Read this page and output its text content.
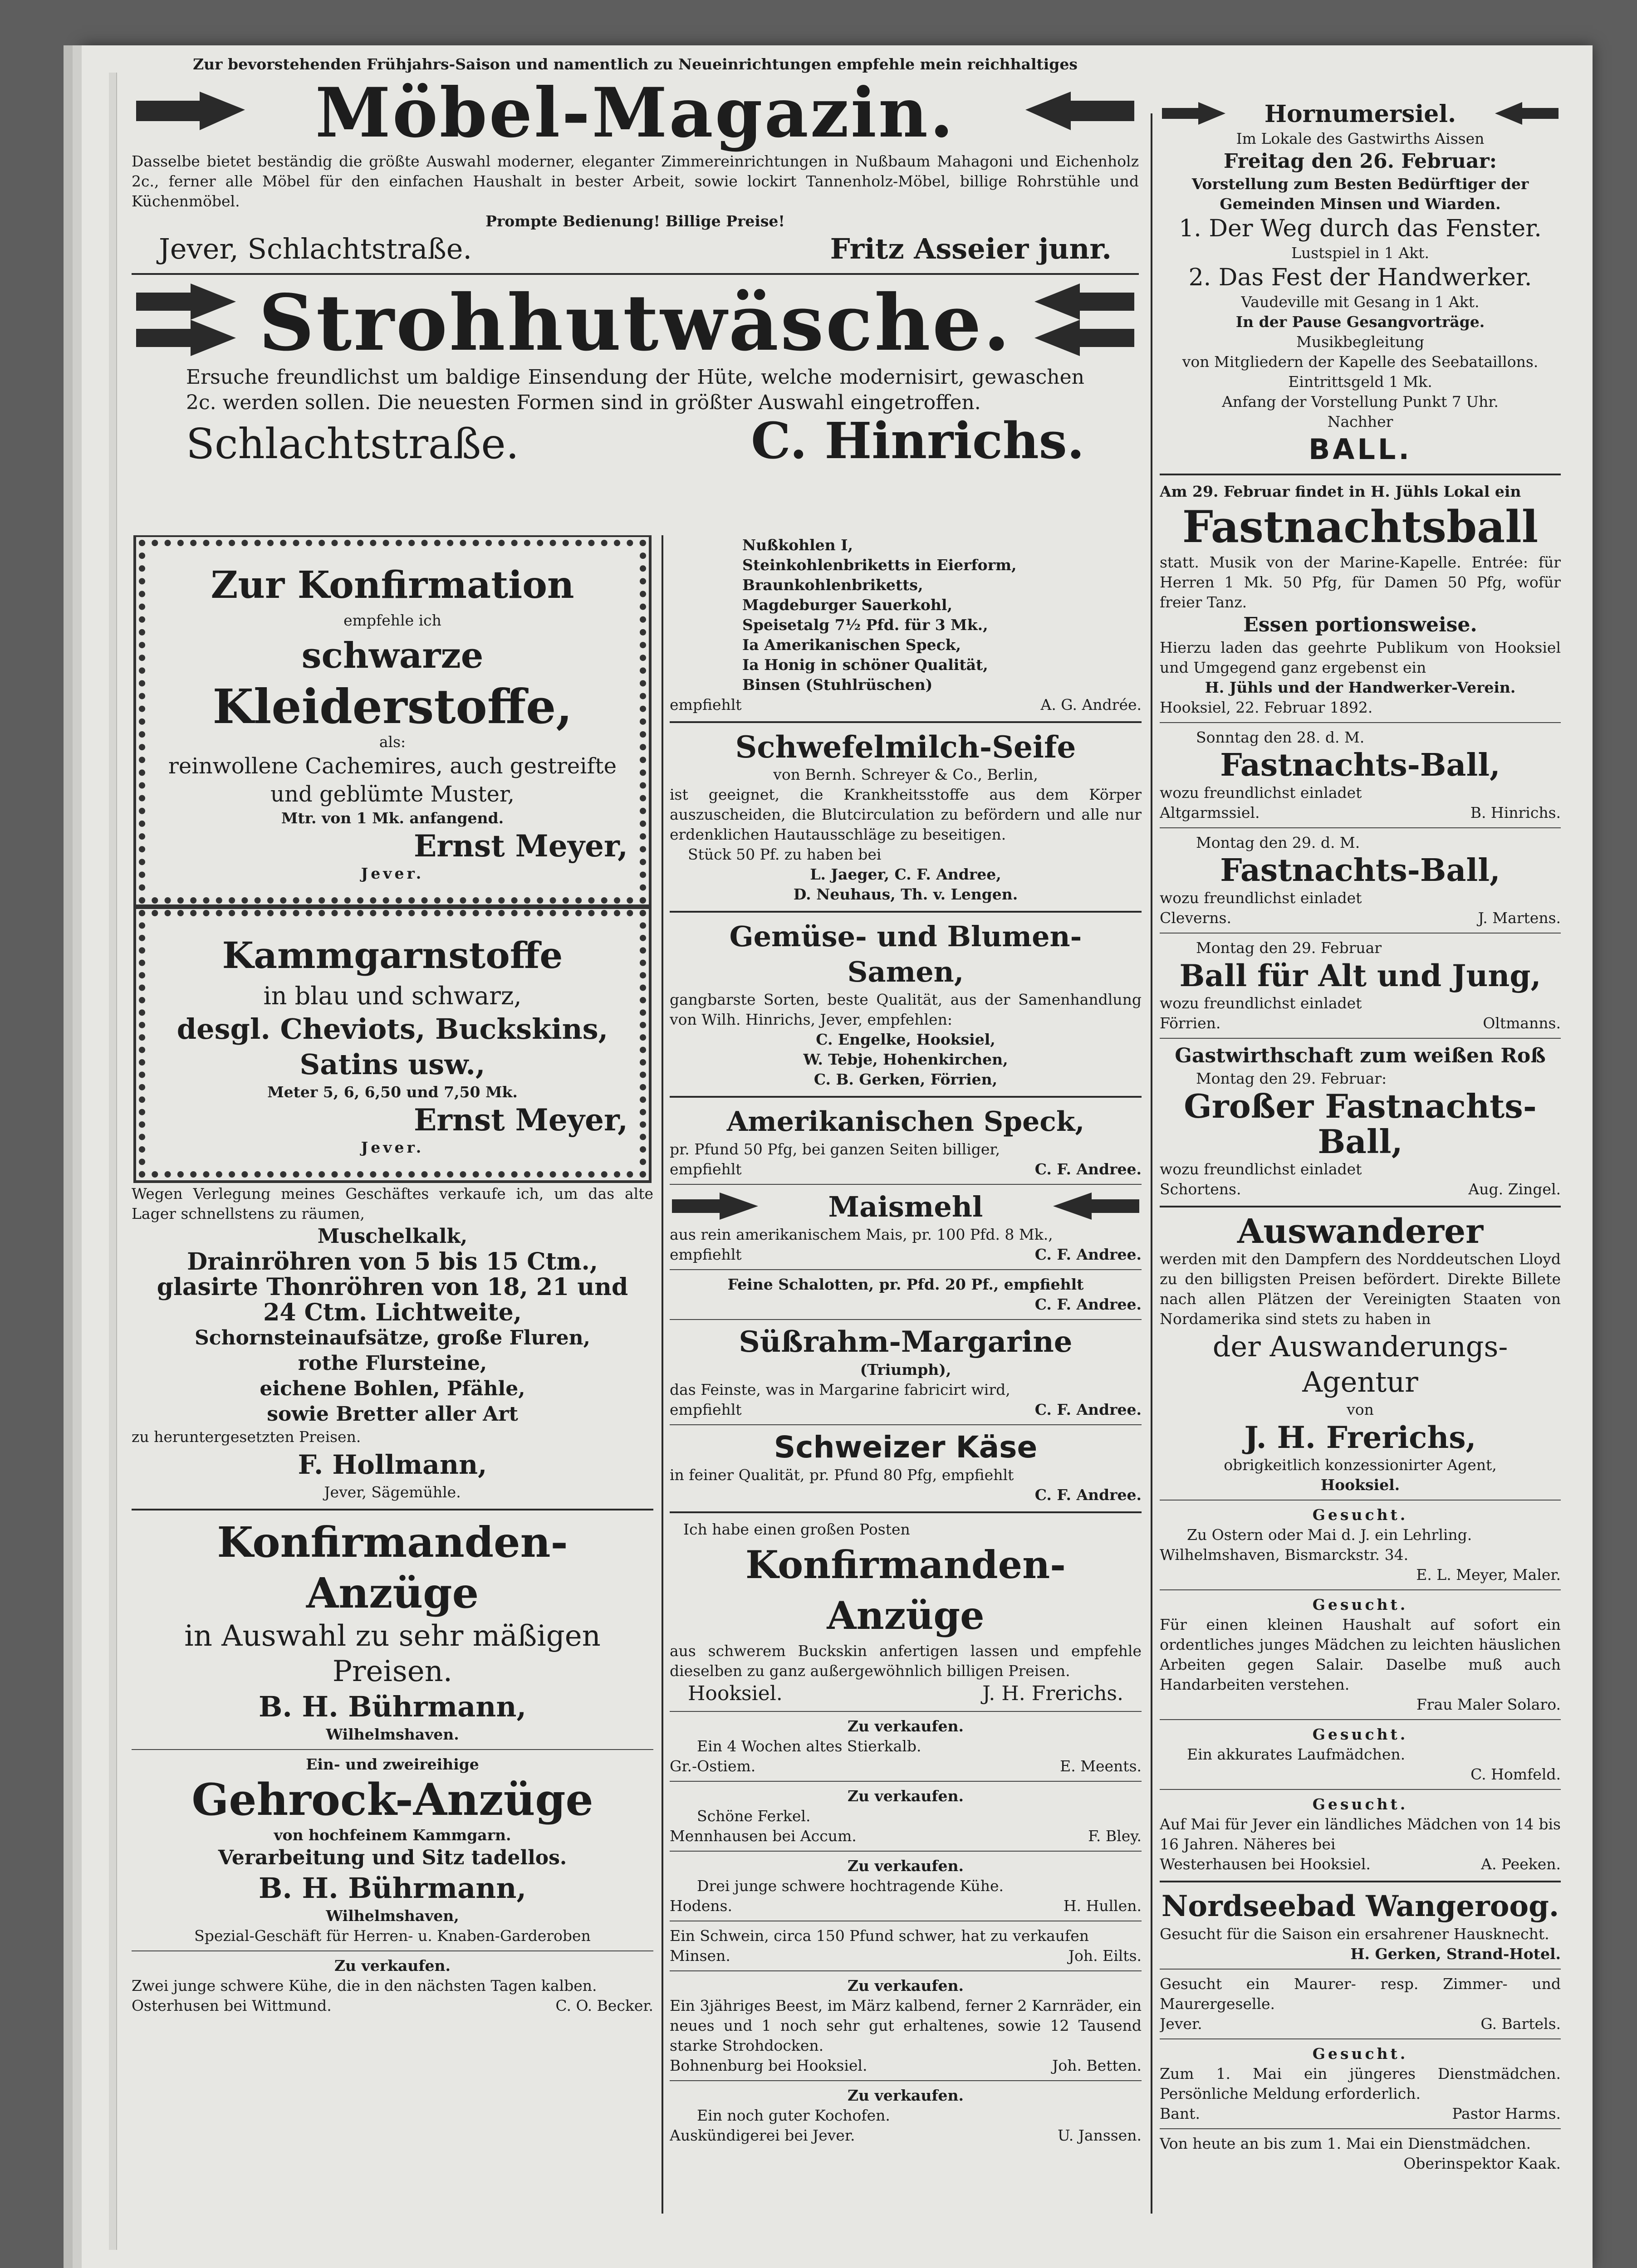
Zur bevorstehenden Frühjahrs-Saison und namentlich zu Neueinrichtungen empfehle mein reichhaltiges
Möbel-Magazin.
Dasselbe bietet beständig die größte Auswahl moderner, eleganter Zimmereinrichtungen in Nußbaum Mahagoni und Eichenholz 2c., ferner alle Möbel für den einfachen Haushalt in bester Arbeit, sowie lockirt Tannenholz-Möbel, billige Rohrstühle und Küchenmöbel.
Prompte Bedienung! Billige Preise!
Jever, Schlachtstraße.	Fritz Asseier junr.
Strohhutwäsche.
Ersuche freundlichst um baldige Einsendung der Hüte, welche modernisirt, gewaschen 2c. werden sollen. Die neuesten Formen sind in größter Auswahl eingetroffen.
Schlachtstraße.	C. Hinrichs.
Zur Konfirmation
empfehle ich
schwarze
Kleiderstoffe,
als:
reinwollene Cachemires, auch gestreifte und geblümte Muster,
Mtr. von 1 Mk. anfangend.
Ernst Meyer,
Jever.
Kammgarnstoffe
in blau und schwarz,
desgl. Cheviots, Buckskins,
Satins usw.,
Meter 5, 6, 6,50 und 7,50 Mk.
Ernst Meyer,
Jever.
Wegen Verlegung meines Geschäftes verkaufe ich, um das alte Lager schnellstens zu räumen,
Muschelkalk,
Drainröhren von 5 bis 15 Ctm.,
glasirte Thonröhren von 18, 21 und
24 Ctm. Lichtweite,
Schornsteinaufsätze, große Fluren,
rothe Flursteine,
eichene Bohlen, Pfähle,
sowie Bretter aller Art
zu heruntergesetzten Preisen.
F. Hollmann,
Jever, Sägemühle.
Konfirmanden-Anzüge
in Auswahl zu sehr mäßigen
Preisen.
B. H. Bührmann,
Wilhelmshaven.
Ein- und zweireihige
Gehrock-Anzüge
von hochfeinem Kammgarn.
Verarbeitung und Sitz tadellos.
B. H. Bührmann,
Wilhelmshaven,
Spezial-Geschäft für Herren- u. Knaben-Garderoben
Zu verkaufen.
Zwei junge schwere Kühe, die in den nächsten Tagen kalben.
Osterhusen bei Wittmund.	C. O. Becker.
Nußkohlen I,
Steinkohlenbriketts in Eierform,
Braunkohlenbriketts,
Magdeburger Sauerkohl,
Speisetalg 7½ Pfd. für 3 Mk.,
Ia Amerikanischen Speck,
Ia Honig in schöner Qualität,
Binsen (Stuhlrüschen)
empfiehlt	A. G. Andrée.
Schwefelmilch-Seife
von Bernh. Schreyer & Co., Berlin,
ist geeignet, die Krankheitsstoffe aus dem Körper auszuscheiden, die Blutcirculation zu befördern und alle nur erdenklichen Hautausschläge zu beseitigen.
Stück 50 Pf. zu haben bei
L. Jaeger, C. F. Andree,
D. Neuhaus, Th. v. Lengen.
Gemüse- und Blumen-
Samen,
gangbarste Sorten, beste Qualität, aus der Samenhandlung von Wilh. Hinrichs, Jever, empfehlen:
C. Engelke, Hooksiel,
W. Tebje, Hohenkirchen,
C. B. Gerken, Förrien,
Amerikanischen Speck,
pr. Pfund 50 Pfg, bei ganzen Seiten billiger,
empfiehlt	C. F. Andree.
Maismehl
aus rein amerikanischem Mais, pr. 100 Pfd. 8 Mk.,
empfiehlt	C. F. Andree.
Feine Schalotten, pr. Pfd. 20 Pf., empfiehlt
C. F. Andree.
Süßrahm-Margarine
(Triumph),
das Feinste, was in Margarine fabricirt wird,
empfiehlt	C. F. Andree.
Schweizer Käse
in feiner Qualität, pr. Pfund 80 Pfg, empfiehlt
C. F. Andree.
Ich habe einen großen Posten
Konfirmanden-Anzüge
aus schwerem Buckskin anfertigen lassen und empfehle dieselben zu ganz außergewöhnlich billigen Preisen.
Hooksiel.	J. H. Frerichs.
Zu verkaufen.
Ein 4 Wochen altes Stierkalb.
Gr.-Ostiem.	E. Meents.
Zu verkaufen.
Schöne Ferkel.
Mennhausen bei Accum.	F. Bley.
Zu verkaufen.
Drei junge schwere hochtragende Kühe.
Hodens.	H. Hullen.
Ein Schwein, circa 150 Pfund schwer, hat zu verkaufen
Minsen.	Joh. Eilts.
Zu verkaufen.
Ein 3jähriges Beest, im März kalbend, ferner 2 Karnräder, ein neues und 1 noch sehr gut erhaltenes, sowie 12 Tausend starke Strohdocken.
Bohnenburg bei Hooksiel.	Joh. Betten.
Zu verkaufen.
Ein noch guter Kochofen.
Auskündigerei bei Jever.	U. Janssen.
Hornumersiel.
Im Lokale des Gastwirths Aissen
Freitag den 26. Februar:
Vorstellung zum Besten Bedürftiger der Gemeinden Minsen und Wiarden.
1. Der Weg durch das Fenster.
Lustspiel in 1 Akt.
2. Das Fest der Handwerker.
Vaudeville mit Gesang in 1 Akt.
In der Pause Gesangvorträge.
Musikbegleitung
von Mitgliedern der Kapelle des Seebataillons.
Eintrittsgeld 1 Mk.
Anfang der Vorstellung Punkt 7 Uhr.
Nachher
BALL.
Am 29. Februar findet in H. Jühls Lokal ein
Fastnachtsball
statt. Musik von der Marine-Kapelle. Entrée: für Herren 1 Mk. 50 Pfg, für Damen 50 Pfg, wofür freier Tanz.
Essen portionsweise.
Hierzu laden das geehrte Publikum von Hooksiel und Umgegend ganz ergebenst ein
H. Jühls und der Handwerker-Verein.
Hooksiel, 22. Februar 1892.
Sonntag den 28. d. M.
Fastnachts-Ball,
wozu freundlichst einladet
Altgarmssiel.	B. Hinrichs.
Montag den 29. d. M.
Fastnachts-Ball,
wozu freundlichst einladet
Cleverns.	J. Martens.
Montag den 29. Februar
Ball für Alt und Jung,
wozu freundlichst einladet
Förrien.	Oltmanns.
Gastwirthschaft zum weißen Roß
Montag den 29. Februar:
Großer Fastnachts-Ball,
wozu freundlichst einladet
Schortens.	Aug. Zingel.
Auswanderer
werden mit den Dampfern des Norddeutschen Lloyd zu den billigsten Preisen befördert. Direkte Billete nach allen Plätzen der Vereinigten Staaten von Nordamerika sind stets zu haben in
der Auswanderungs-Agentur
von
J. H. Frerichs,
obrigkeitlich konzessionirter Agent,
Hooksiel.
Gesucht.
Zu Ostern oder Mai d. J. ein Lehrling.
Wilhelmshaven, Bismarckstr. 34.
E. L. Meyer, Maler.
Gesucht.
Für einen kleinen Haushalt auf sofort ein ordentliches junges Mädchen zu leichten häuslichen Arbeiten gegen Salair. Daselbe muß auch Handarbeiten verstehen.
Frau Maler Solaro.
Gesucht.
Ein akkurates Laufmädchen.
C. Homfeld.
Gesucht.
Auf Mai für Jever ein ländliches Mädchen von 14 bis 16 Jahren. Näheres bei
Westerhausen bei Hooksiel.	A. Peeken.
Nordseebad Wangeroog.
Gesucht für die Saison ein ersahrener Hausknecht.
H. Gerken, Strand-Hotel.
Gesucht ein Maurer- resp. Zimmer- und Maurergeselle.
Jever.	G. Bartels.
Gesucht.
Zum 1. Mai ein jüngeres Dienstmädchen. Persönliche Meldung erforderlich.
Bant.	Pastor Harms.
Von heute an bis zum 1. Mai ein Dienstmädchen.
Oberinspektor Kaak.
